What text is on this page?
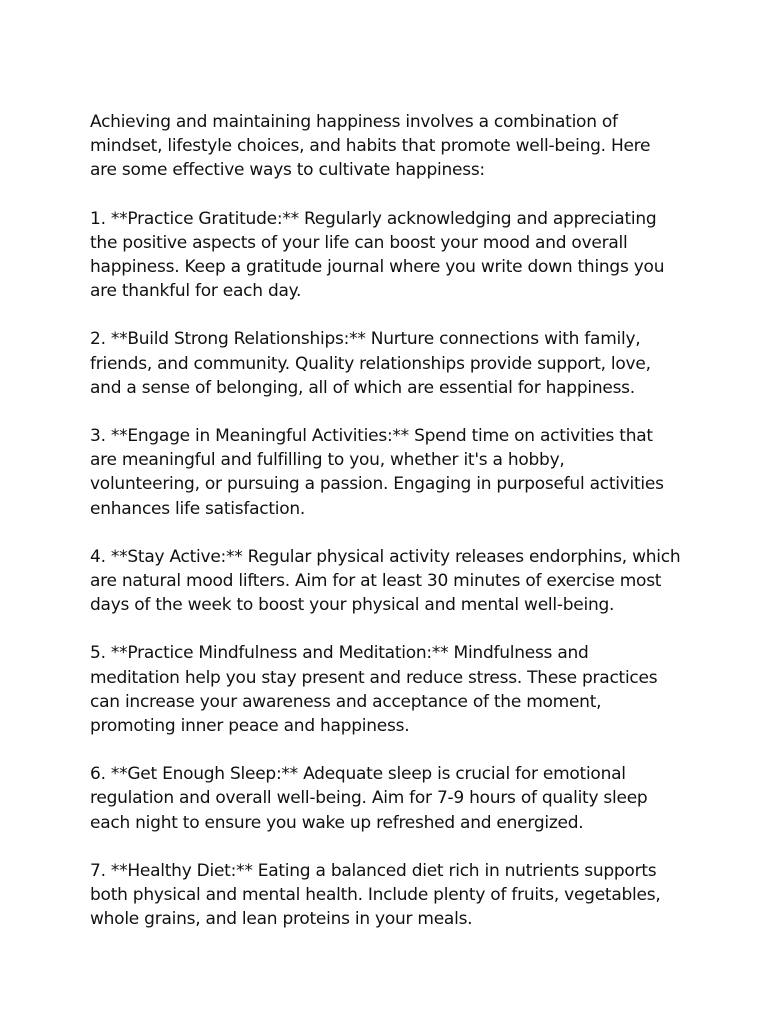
Achieving and maintaining happiness involves a combination of
mindset, lifestyle choices, and habits that promote well-being. Here
are some effective ways to cultivate happiness:

1. **Practice Gratitude:** Regularly acknowledging and appreciating
the positive aspects of your life can boost your mood and overall
happiness. Keep a gratitude journal where you write down things you
are thankful for each day.

2. **Build Strong Relationships:** Nurture connections with family,
friends, and community. Quality relationships provide support, love,
and a sense of belonging, all of which are essential for happiness.

3. **Engage in Meaningful Activities:** Spend time on activities that
are meaningful and fulfilling to you, whether it's a hobby,
volunteering, or pursuing a passion. Engaging in purposeful activities
enhances life satisfaction.

4. **Stay Active:** Regular physical activity releases endorphins, which
are natural mood lifters. Aim for at least 30 minutes of exercise most
days of the week to boost your physical and mental well-being.

5. **Practice Mindfulness and Meditation:** Mindfulness and
meditation help you stay present and reduce stress. These practices
can increase your awareness and acceptance of the moment,
promoting inner peace and happiness.

6. **Get Enough Sleep:** Adequate sleep is crucial for emotional
regulation and overall well-being. Aim for 7-9 hours of quality sleep
each night to ensure you wake up refreshed and energized.

7. **Healthy Diet:** Eating a balanced diet rich in nutrients supports
both physical and mental health. Include plenty of fruits, vegetables,
whole grains, and lean proteins in your meals.
